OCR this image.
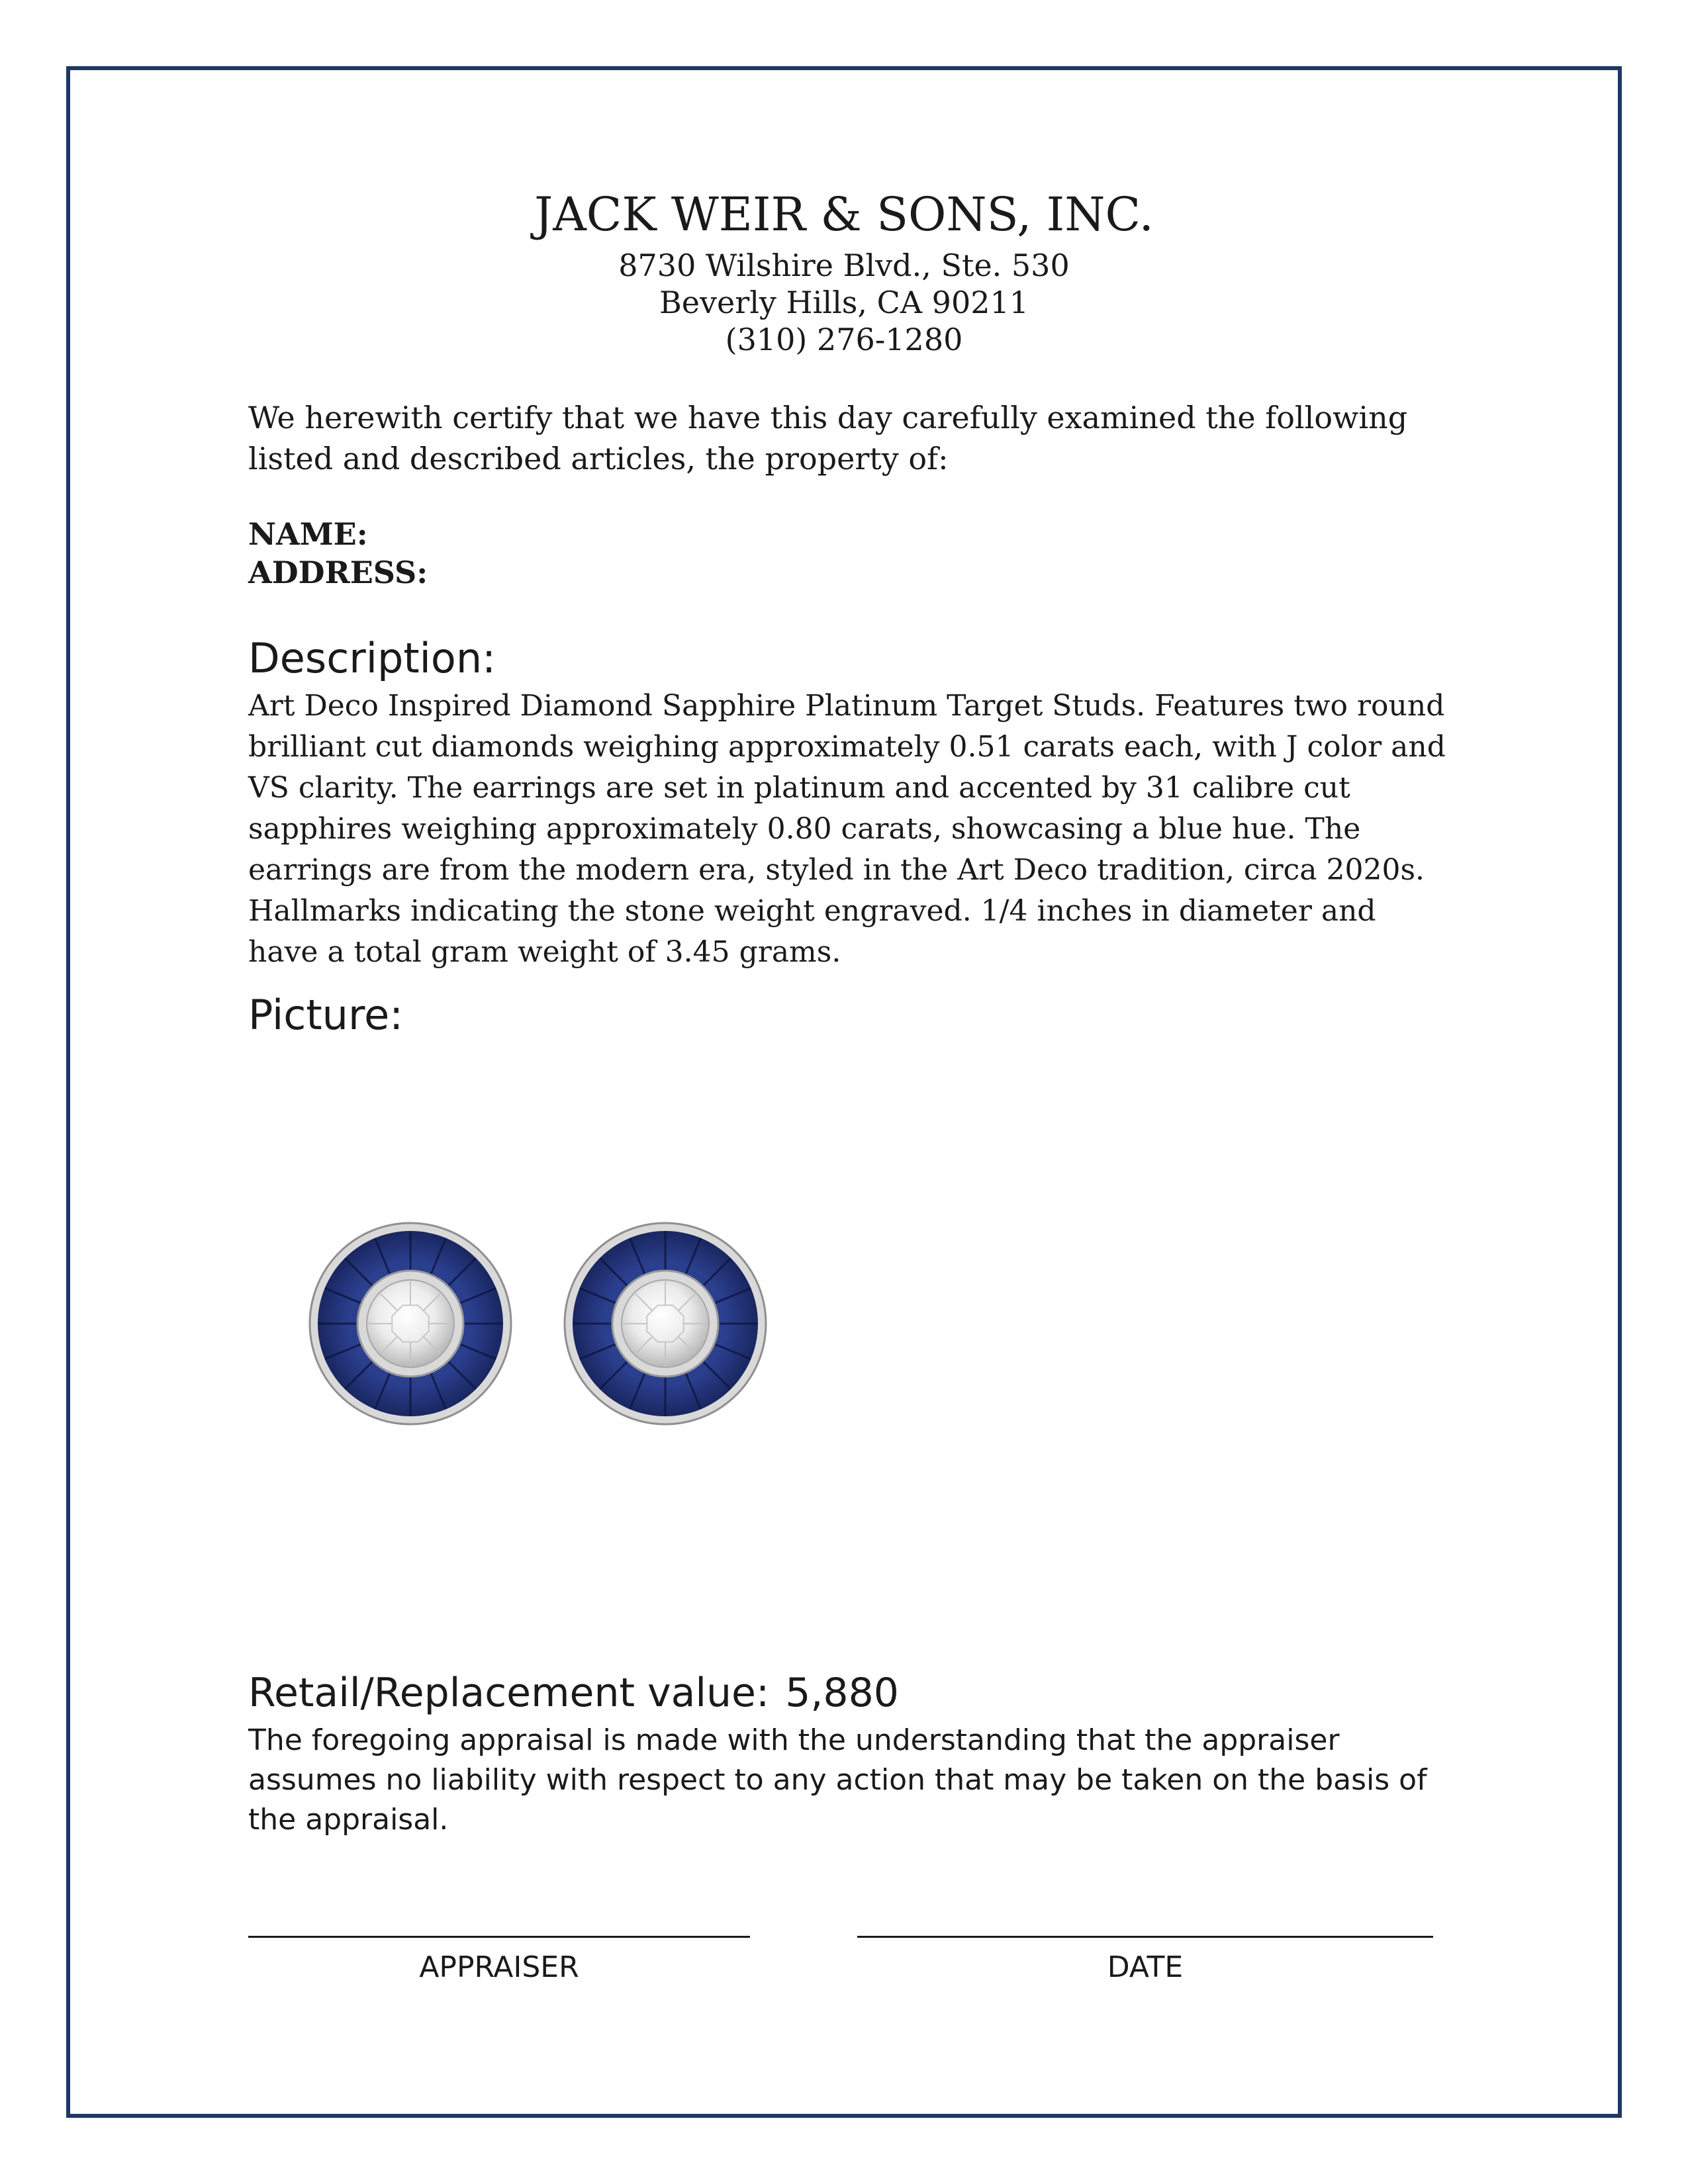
JACK WEIR & SONS, INC.
8730 Wilshire Blvd., Ste. 530
Beverly Hills, CA 90211
(310) 276-1280
We herewith certify that we have this day carefully examined the following listed and described articles, the property of:
NAME:
ADDRESS:
Description:
Art Deco Inspired Diamond Sapphire Platinum Target Studs. Features two round brilliant cut diamonds weighing approximately 0.51 carats each, with J color and VS clarity. The earrings are set in platinum and accented by 31 calibre cut sapphires weighing approximately 0.80 carats, showcasing a blue hue. The earrings are from the modern era, styled in the Art Deco tradition, circa 2020s. Hallmarks indicating the stone weight engraved. 1/4 inches in diameter and have a total gram weight of 3.45 grams.
Picture:
Retail/Replacement value: 5,880
The foregoing appraisal is made with the understanding that the appraiser assumes no liability with respect to any action that may be taken on the basis of the appraisal.
APPRAISER	DATE
